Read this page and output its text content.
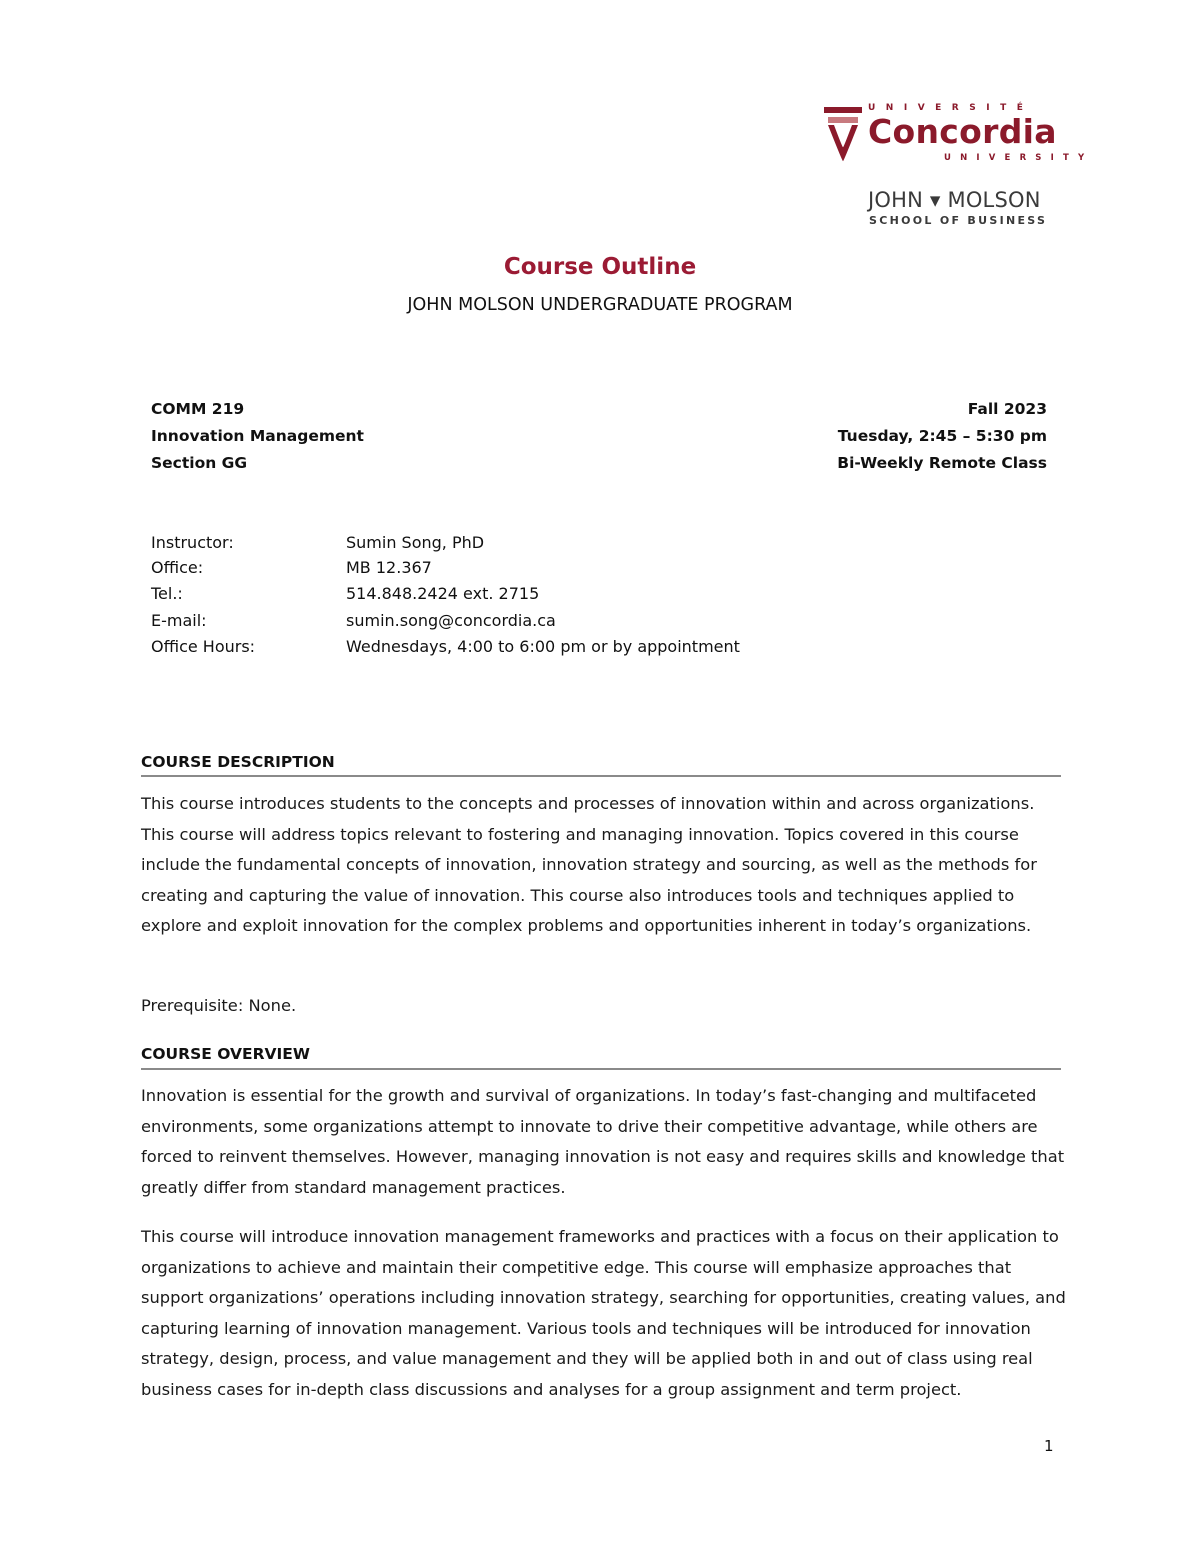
UNIVERSITÉ
Concordia
UNIVERSITY
JOHN ▾ MOLSON
SCHOOL OF BUSINESS
Course Outline
JOHN MOLSON UNDERGRADUATE PROGRAM
COMM 219
Innovation Management
Section GG
Fall 2023
Tuesday, 2:45 – 5:30 pm
Bi-Weekly Remote Class
Instructor:	Sumin Song, PhD
Office:	MB 12.367
Tel.:	514.848.2424 ext. 2715
E-mail:	sumin.song@concordia.ca
Office Hours:	Wednesdays, 4:00 to 6:00 pm or by appointment
COURSE DESCRIPTION
This course introduces students to the concepts and processes of innovation within and across organizations. This course will address topics relevant to fostering and managing innovation. Topics covered in this course include the fundamental concepts of innovation, innovation strategy and sourcing, as well as the methods for creating and capturing the value of innovation. This course also introduces tools and techniques applied to explore and exploit innovation for the complex problems and opportunities inherent in today’s organizations.
Prerequisite: None.
COURSE OVERVIEW
Innovation is essential for the growth and survival of organizations. In today’s fast-changing and multifaceted environments, some organizations attempt to innovate to drive their competitive advantage, while others are forced to reinvent themselves. However, managing innovation is not easy and requires skills and knowledge that greatly differ from standard management practices.
This course will introduce innovation management frameworks and practices with a focus on their application to organizations to achieve and maintain their competitive edge. This course will emphasize approaches that support organizations’ operations including innovation strategy, searching for opportunities, creating values, and capturing learning of innovation management. Various tools and techniques will be introduced for innovation strategy, design, process, and value management and they will be applied both in and out of class using real business cases for in-depth class discussions and analyses for a group assignment and term project.
1
